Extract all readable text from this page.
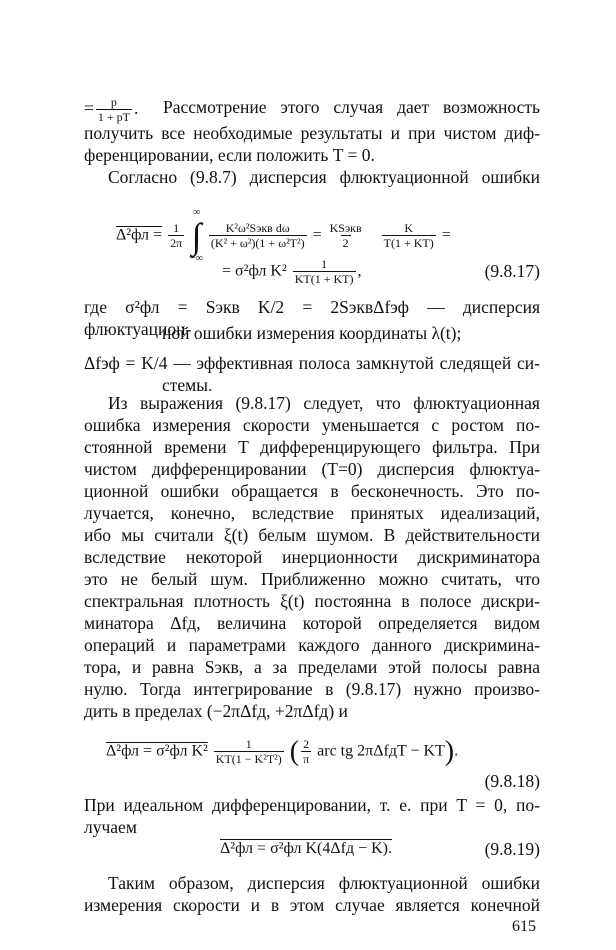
= $\frac{p}{1 + pT}$ . Рассмотрение этого случая дает возможность
получить все необходимые результаты и при чистом диф-
ференцировании, если положить T = 0.
Согласно (9.8.7) дисперсия флюктуационной ошибки
$\Delta^2фл = \frac{1}{2\pi}$

∞
∫
−∞

$\frac{\text{K²ω²Sэкв dω}}{\text{(K² + ω²)(1 + ω²T²)}} = \frac{\text{KSэкв}}{2}$
$\frac{K}{T(1 + KT)}$ =
= σ²фл $K^2 \frac{1}{KT(1 + KT)}$ ,	(9.8.17)
где σ²фл = Sэкв K/2 = 2SэквΔfэф — дисперсия флюктуацион-
ной ошибки измерения координаты λ(t);
Δfэф = K/4 — эффективная полоса замкнутой следящей си-
стемы.
Из выражения (9.8.17) следует, что флюктуационная
ошибка измерения скорости уменьшается с ростом по-
стоянной времени T дифференцирующего фильтра. При
чистом дифференцировании (T=0) дисперсия флюктуа-
ционной ошибки обращается в бесконечность. Это по-
лучается, конечно, вследствие принятых идеализаций,
ибо мы считали ξ(t) белым шумом. В действительности
вследствие некоторой инерционности дискриминатора
это не белый шум. Приближенно можно считать, что
спектральная плотность ξ(t) постоянна в полосе дискри-
минатора Δfд, величина которой определяется видом
операций и параметрами каждого данного дискримина-
тора, и равна Sэкв, а за пределами этой полосы равна
нулю. Тогда интегрирование в (9.8.17) нужно произво-
дить в пределах (−2πΔfд, +2πΔfд) и
Δ²фл = σ²фл $K^2 \frac{1}{\text{KT(1 − K²T²)}}$ ( $\frac{2}{\pi}$ arc tg 2πΔfдT − KT).
(9.8.18)
При идеальном дифференцировании, т. е. при T = 0, по-
лучаем
Δ²фл = σ²фл K(4Δfд − K).	(9.8.19)
Таким образом, дисперсия флюктуационной ошибки
измерения скорости и в этом случае является конечной
615
